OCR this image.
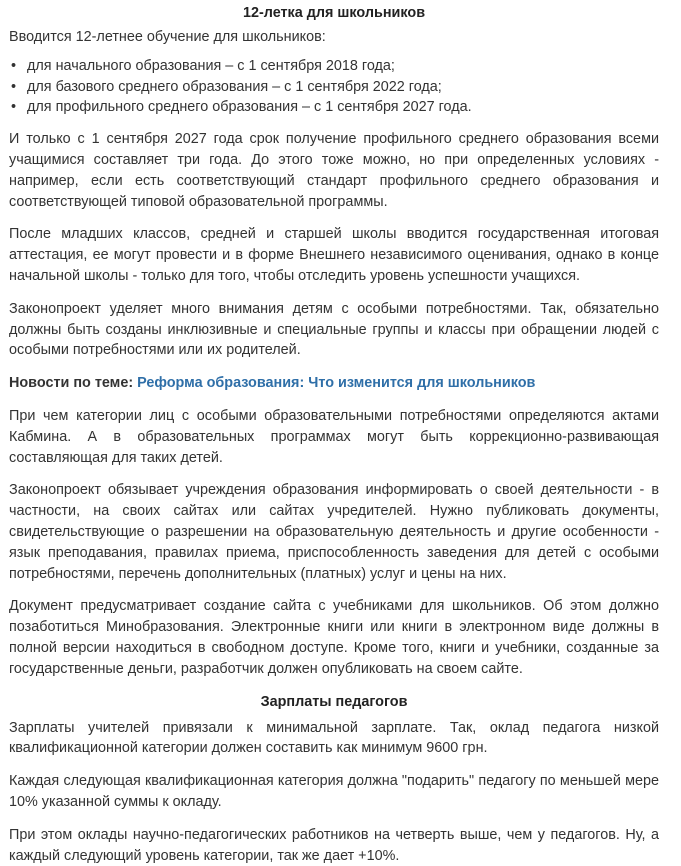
12-летка для школьников

Вводится 12-летнее обучение для школьников:

• для начального образования – с 1 сентября 2018 года;
• для базового среднего образования – с 1 сентября 2022 года;
• для профильного среднего образования – с 1 сентября 2027 года.

И только с 1 сентября 2027 года срок получение профильного среднего образования всеми учащимися составляет три года. До этого тоже можно, но при определенных условиях - например, если есть соответствующий стандарт профильного среднего образования и соответствующей типовой образовательной программы.

После младших классов, средней и старшей школы вводится государственная итоговая аттестация, ее могут провести и в форме Внешнего независимого оценивания, однако в конце начальной школы - только для того, чтобы отследить уровень успешности учащихся.

Законопроект уделяет много внимания детям с особыми потребностями. Так, обязательно должны быть созданы инклюзивные и специальные группы и классы при обращении людей с особыми потребностями или их родителей.

Новости по теме: Реформа образования: Что изменится для школьников

При чем категории лиц с особыми образовательными потребностями определяются актами Кабмина. А в образовательных программах могут быть коррекционно-развивающая составляющая для таких детей.

Законопроект обязывает учреждения образования информировать о своей деятельности - в частности, на своих сайтах или сайтах учредителей. Нужно публиковать документы, свидетельствующие о разрешении на образовательную деятельность и другие особенности - язык преподавания, правилах приема, приспособленность заведения для детей с особыми потребностями, перечень дополнительных (платных) услуг и цены на них.

Документ предусматривает создание сайта с учебниками для школьников. Об этом должно позаботиться Минобразования. Электронные книги или книги в электронном виде должны в полной версии находиться в свободном доступе. Кроме того, книги и учебники, созданные за государственные деньги, разработчик должен опубликовать на своем сайте.

Зарплаты педагогов

Зарплаты учителей привязали к минимальной зарплате. Так, оклад педагога низкой квалификационной категории должен составить как минимум 9600 грн.

Каждая следующая квалификационная категория должна "подарить" педагогу по меньшей мере 10% указанной суммы к окладу.

При этом оклады научно-педагогических работников на четверть выше, чем у педагогов. Ну, а каждый следующий уровень категории, так же дает +10%.
